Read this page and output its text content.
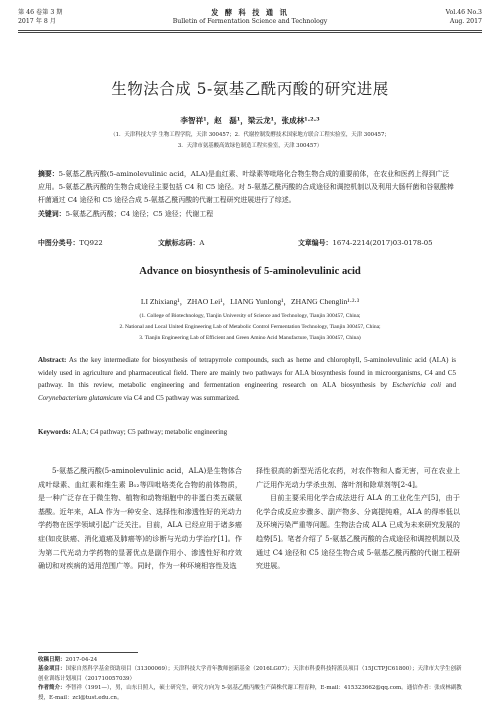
第 46 卷第 3 期
2017 年 8 月
发 酵 科 技 通 讯
Bulletin of Fermentation Science and Technology
Vol.46 No.3
Aug. 2017
生物法合成 5-氨基乙酰丙酸的研究进展
李智祥¹，赵　磊¹，梁云龙¹，张成林¹·²·³
（1．天津科技大学 生物工程学院，天津 300457；2．代谢控制发酵技术国家地方联合工程实验室，天津 300457；
3．天津市氨基酸高效绿色制造工程实验室，天津 300457）
摘要：5-氨基乙酰丙酸(5-aminolevulinic acid，ALA)是血红素、叶绿素等吡咯化合物生物合成的重要前体，在农业和医药上得到广泛应用。5-氨基乙酰丙酸的生物合成途径主要包括 C4 和 C5 途径。对 5-氨基乙酰丙酸的合成途径和调控机制以及利用大肠杆菌和谷氨酸棒杆菌通过 C4 途径和 C5 途径合成 5-氨基乙酰丙酸的代谢工程研究进展进行了综述。
关键词：5-氨基乙酰丙酸；C4 途径；C5 途径；代谢工程
中图分类号：TQ922	文献标志码：A	文章编号：1674-2214(2017)03-0178-05
Advance on biosynthesis of 5-aminolevulinic acid
LI Zhixiang¹，ZHAO Lei¹，LIANG Yunlong¹，ZHANG Chenglin¹·²·³
(1. College of Biotechnology, Tianjin University of Science and Technology, Tianjin 300457, China;
2. National and Local United Engineering Lab of Metabolic Control Fermentation Technology, Tianjin 300457, China;
3. Tianjin Engineering Lab of Efficient and Green Amino Acid Manufacture, Tianjin 300457, China)
Abstract: As the key intermediate for biosynthesis of tetrapyrrole compounds, such as heme and chlorophyll, 5-aminolevulinic acid (ALA) is widely used in agriculture and pharmaceutical field. There are mainly two pathways for ALA biosynthesis found in microorganisms, C4 and C5 pathway. In this review, metabolic engineering and fermentation engineering research on ALA biosynthesis by Escherichia coli and Corynebacterium glutamicum via C4 and C5 pathway was summarized.
Keywords: ALA; C4 pathway; C5 pathway; metabolic engineering

5-氨基乙酰丙酸(5-aminolevulinic acid，ALA)是生物体合成叶绿素、血红素和维生素 B₁₂等四吡咯类化合物的前体物质，是一种广泛存在于微生物、植物和动物细胞中的非蛋白类五碳氨基酸。近年来，ALA 作为一种安全、选择性和渗透性好的光动力学药物在医学领域引起广泛关注。目前，ALA 已经应用于诸多癌症(如皮肤癌、消化道癌及肺癌等)的诊断与光动力学治疗[1]。作为第二代光动力学药物的显著优点是副作用小、渗透性好和疗效确切和对疾病的适用范围广等。同时，作为一种环境相容性及选

择性很高的新型光活化农药，对农作物和人畜无害，可在农业上广泛用作光动力学杀虫剂、落叶剂和除草剂等[2-4]。

目前主要采用化学合成法进行 ALA 的工业化生产[5]，由于化学合成反应步骤多、副产物多、分离提纯难，ALA 的得率低以及环境污染严重等问题。生物法合成 ALA 已成为未来研究发展的趋势[5]。笔者介绍了 5-氨基乙酰丙酸的合成途径和调控机制以及通过 C4 途径和 C5 途径生物合成 5-氨基乙酰丙酸的代谢工程研究进展。

收稿日期：2017-04-24

基金项目：国家自然科学基金资助项目（31300069）；天津科技大学青年教师创新基金（2016LG07）；天津市科委科技特派员项目（15JCTPJC61800）；天津市大学生创新创业训练计划项目（201710057039）

作者简介：李智祥（1991—），男，山东日照人，硕士研究生，研究方向为 5-氨基乙酰丙酸生产菌株代谢工程育种，E-mail：415323662@qq.com。通信作者：张成林副教授，E-mail：zcl@tust.edu.cn。
